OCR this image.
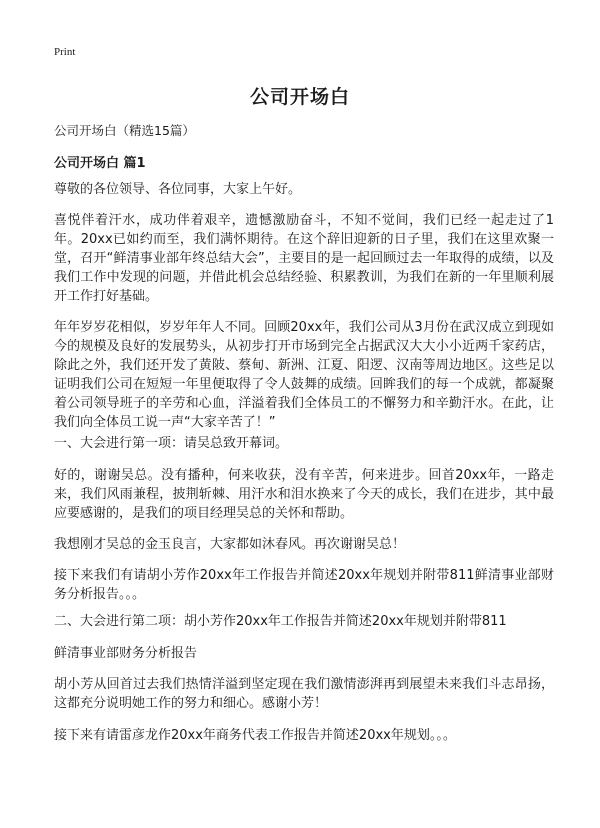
Print
公司开场白

公司开场白（精选15篇）

公司开场白 篇1

尊敬的各位领导、各位同事，大家上午好。

喜悦伴着汗水，成功伴着艰辛，遗憾激励奋斗，不知不觉间，我们已经一起走过了1年。20xx已如约而至，我们满怀期待。在这个辞旧迎新的日子里，我们在这里欢聚一堂，召开“鲜清事业部年终总结大会”，主要目的是一起回顾过去一年取得的成绩，以及我们工作中发现的问题，并借此机会总结经验、积累教训，为我们在新的一年里顺利展开工作打好基础。

年年岁岁花相似，岁岁年年人不同。回顾20xx年，我们公司从3月份在武汉成立到现如今的规模及良好的发展势头，从初步打开市场到完全占据武汉大大小小近两千家药店，除此之外，我们还开发了黄陂、蔡甸、新洲、江夏、阳逻、汉南等周边地区。这些足以证明我们公司在短短一年里便取得了令人鼓舞的成绩。回眸我们的每一个成就，都凝聚着公司领导班子的辛劳和心血，洋溢着我们全体员工的不懈努力和辛勤汗水。在此，让我们向全体员工说一声“大家辛苦了！”

一、大会进行第一项：请吴总致开幕词。

好的，谢谢吴总。没有播种，何来收获，没有辛苦，何来进步。回首20xx年，一路走来，我们风雨兼程，披荆斩棘、用汗水和泪水换来了今天的成长，我们在进步，其中最应要感谢的，是我们的项目经理吴总的关怀和帮助。

我想刚才吴总的金玉良言，大家都如沐春风。再次谢谢吴总！

接下来我们有请胡小芳作20xx年工作报告并简述20xx年规划并附带811鲜清事业部财务分析报告。。。

二、大会进行第二项：胡小芳作20xx年工作报告并简述20xx年规划并附带811

鲜清事业部财务分析报告

胡小芳从回首过去我们热情洋溢到坚定现在我们激情澎湃再到展望未来我们斗志昂扬，这都充分说明她工作的努力和细心。感谢小芳！

接下来有请雷彦龙作20xx年商务代表工作报告并简述20xx年规划。。。
